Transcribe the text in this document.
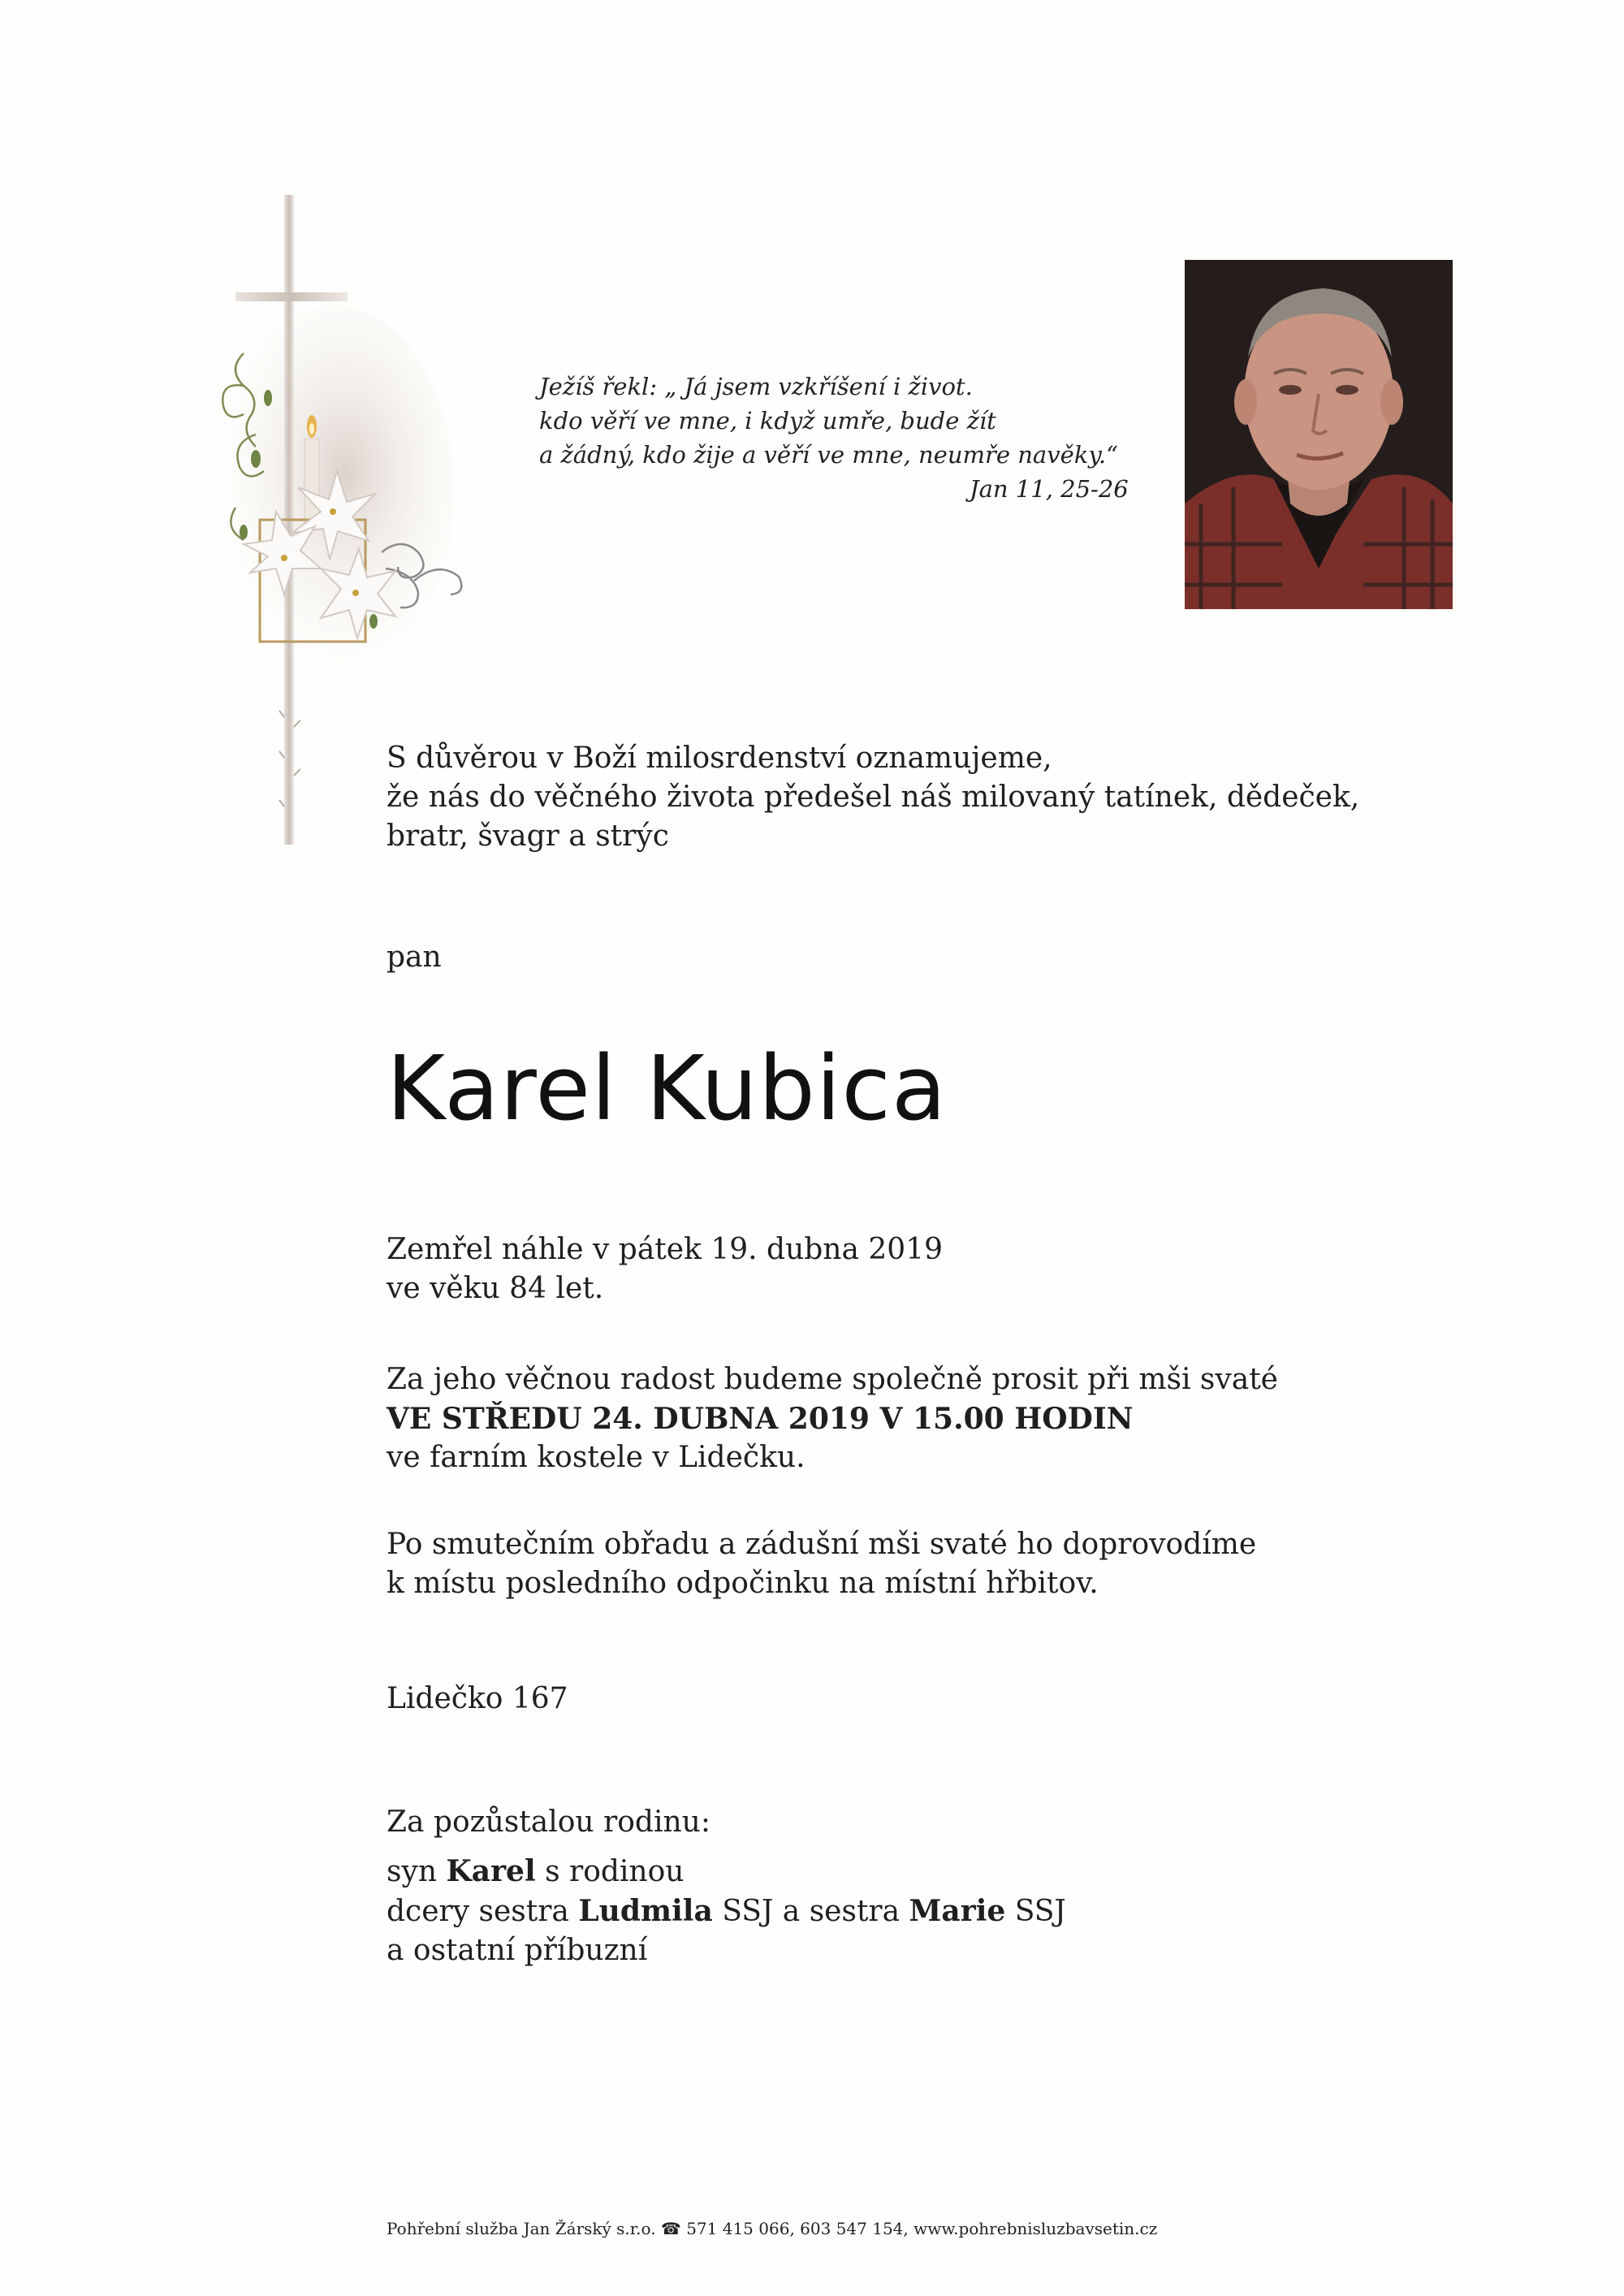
Ježíš řekl: „ Já jsem vzkříšení i život.
kdo věří ve mne, i když umře, bude žít
a žádný, kdo žije a věří ve mne, neumře navěky.“
Jan 11, 25-26
S důvěrou v Boží milosrdenství oznamujeme,
že nás do věčného života předešel náš milovaný tatínek, dědeček,
bratr, švagr a strýc
pan
Karel Kubica
Zemřel náhle v pátek 19. dubna 2019
ve věku 84 let.
Za jeho věčnou radost budeme společně prosit při mši svaté
VE STŘEDU 24. DUBNA 2019 V 15.00 HODIN
ve farním kostele v Lidečku.
Po smutečním obřadu a zádušní mši svaté ho doprovodíme
k místu posledního odpočinku na místní hřbitov.
Lidečko 167
Za pozůstalou rodinu:
syn Karel s rodinou
dcery sestra Ludmila SSJ a sestra Marie SSJ
a ostatní příbuzní
Pohřební služba Jan Žárský s.r.o. ☎ 571 415 066, 603 547 154, www.pohrebnisluzbavsetin.cz
